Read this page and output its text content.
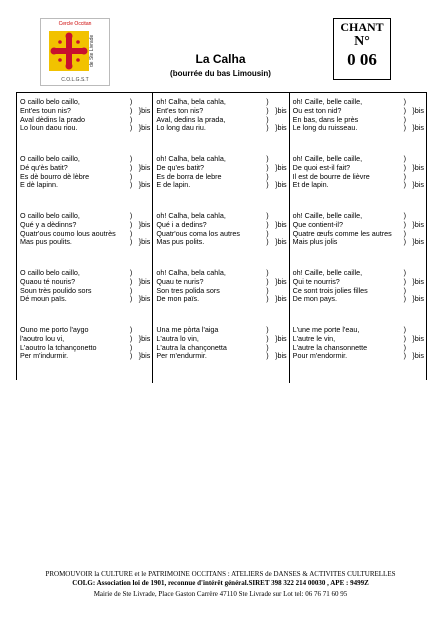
Cercle Occitan
de Ste Livrade
C.O.L.G.S.T
CHANT
N°
0 06
La Calha
(bourrée du bas Limousin)
O caillo belo caillo,	)
Ent'es toun nis?	) }bis
Aval dèdins la prado	)
Lo loun daou riou.	) }bis
O caillo belo caillo,	)
Dé qu'ès batit?	) }bis
Es dè bourro dè lèbre	)
E dè lapinn.	) }bis
O caillo belo caillo,	)
Qué y a dèdinns?	) }bis
Quatr'ous coumo lous aoutrès )
Mas pus poulits.	) }bis
O caillo belo caillo,	)
Quaou té nouris?	) }bis
Soun très poulido sors	)
Dé moun païs.	) }bis
Ouno me porto l'aygo	)
l'aoutro lou vi,	) }bis
L'aoutro la tchançonetto	)
Per m'indurmir.	) }bis
oh! Calha, bela cahla,	)
Ent'es ton nis?	) }bis
Aval, dedins la prada,	)
Lo long dau riu.	) }bis
oh! Calha, bela cahla,	)
De qu'es batit?	) }bis
Es de borra de lebre	)
E de lapin.	) }bis
oh! Calha, bela cahla,	)
Qué i a dedins?	) }bis
Quatr'ous coma los autres	)
Mas pus polits.	) }bis
oh! Calha, bela cahla,	)
Quau te nuris?	) }bis
Son tres polida sors	)
De mon païs.	) }bis
Una me pòrta l'aiga	)
L'autra lo vin,	) }bis
L'autra la chançonetta	)
Per m'endurmir.	) }bis
oh! Caille, belle caille,	)
Ou est ton nid?	) }bis
En bas, dans le près	)
Le long du ruisseau.	) }bis
oh! Caille, belle caille,	)
De quoi est-il fait?	) }bis
Il est de bourre de lièvre	)
Et de lapin.	) }bis
oh! Caille, belle caille,	)
Que contient-il?	) }bis
Quatre œufs comme les autres )
Mais plus jolis	) }bis
oh! Caille, belle caille,	)
Qui te nourris?	) }bis
Ce sont trois jolies filles	)
De mon pays.	) }bis
L'une me porte l'eau,	)
L'autre le vin,	) }bis
L'autre la chansonnette	)
Pour m'endormir.	) }bis
PROMOUVOIR la CULTURE et le PATRIMOINE OCCITANS : ATELIERS de DANSES & ACTIVITES CULTURELLES
COLG: Association loi de 1901, reconnue d'intérêt général.SIRET 398 322 214 00030 , APE : 9499Z
Mairie de Ste Livrade, Place Gaston Carrère 47110 Ste Livrade sur Lot tel: 06 76 71 60 95
